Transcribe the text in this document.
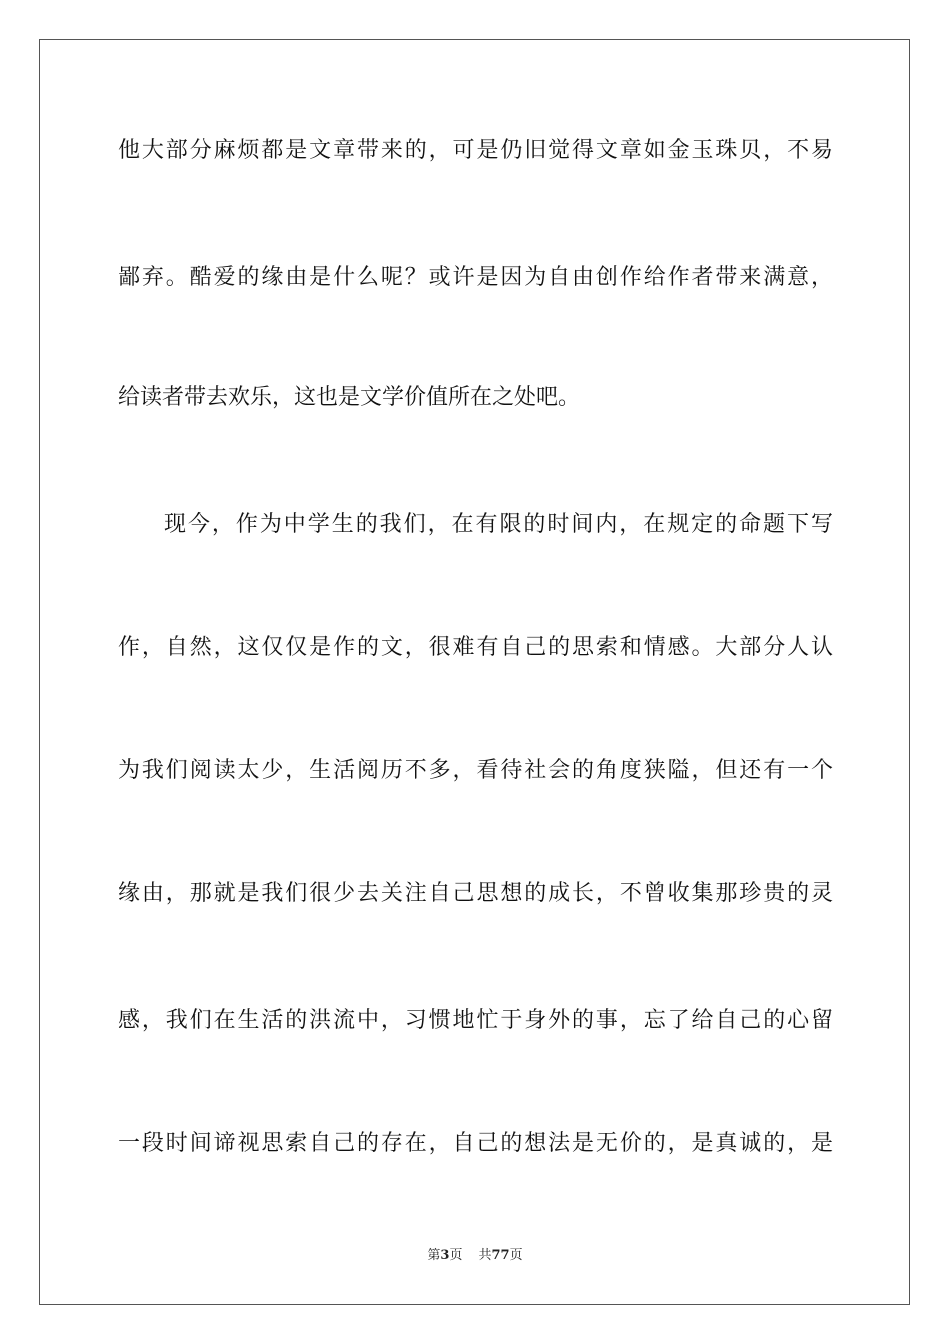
他大部分麻烦都是文章带来的，可是仍旧觉得文章如金玉珠贝，不易
鄙弃。酷爱的缘由是什么呢？或许是因为自由创作给作者带来满意，
给读者带去欢乐，这也是文学价值所在之处吧。
现今，作为中学生的我们，在有限的时间内，在规定的命题下写
作，自然，这仅仅是作的文，很难有自己的思索和情感。大部分人认
为我们阅读太少，生活阅历不多，看待社会的角度狭隘，但还有一个
缘由，那就是我们很少去关注自己思想的成长，不曾收集那珍贵的灵
感，我们在生活的洪流中，习惯地忙于身外的事，忘了给自己的心留
一段时间谛视思索自己的存在，自己的想法是无价的，是真诚的，是
第3页 共77页
